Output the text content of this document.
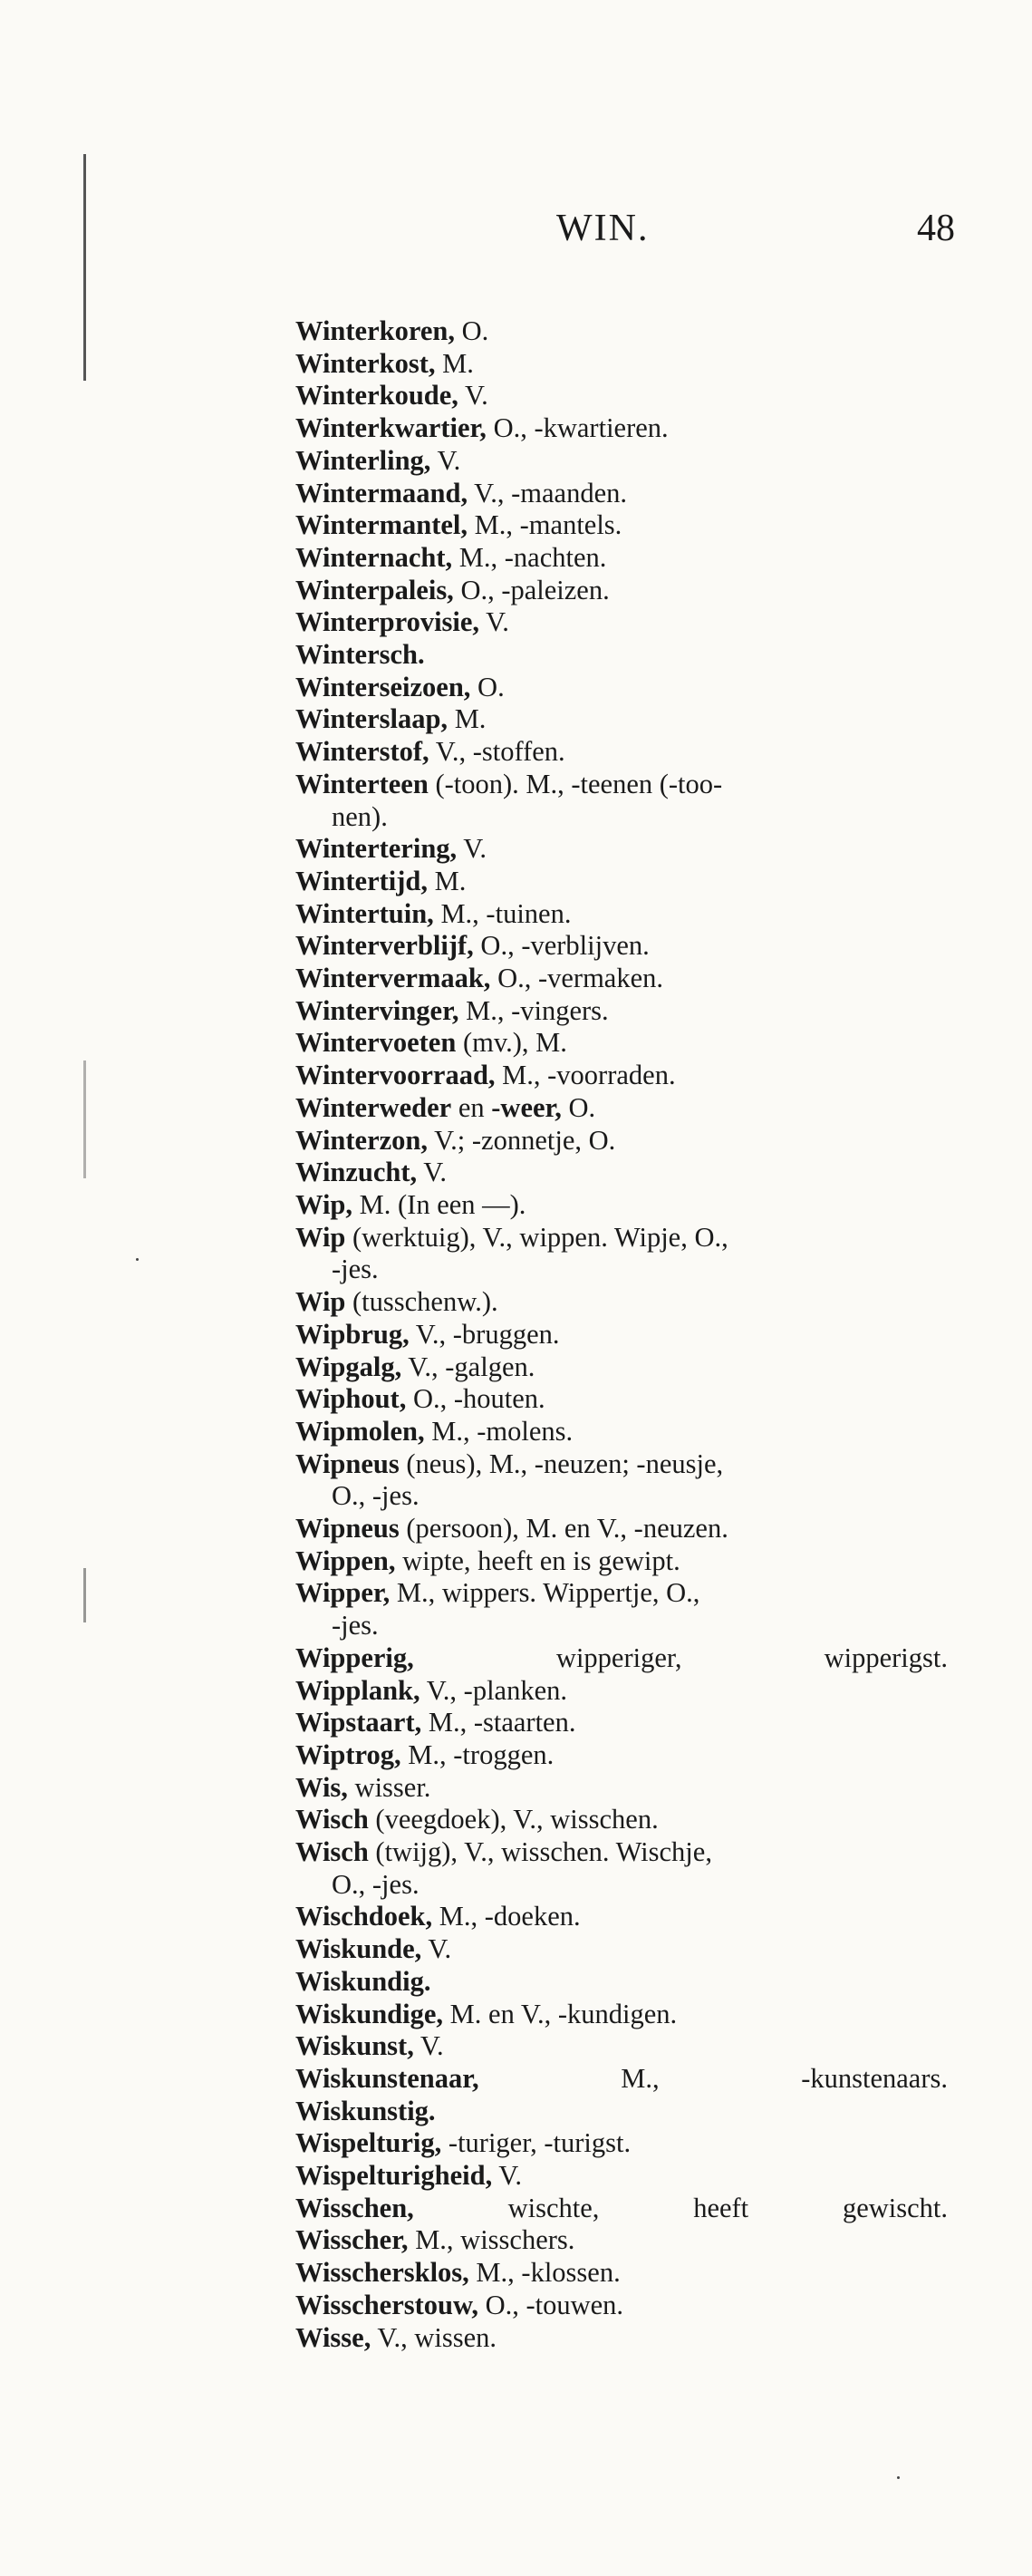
WIN.	48
Winterkoren, O.
Winterkost, M.
Winterkoude, V.
Winterkwartier, O., -kwartieren.
Winterling, V.
Wintermaand, V., -maanden.
Wintermantel, M., -mantels.
Winternacht, M., -nachten.
Winterpaleis, O., -paleizen.
Winterprovisie, V.
Wintersch.
Winterseizoen, O.
Winterslaap, M.
Winterstof, V., -stoffen.
Winterteen (-toon). M., -teenen (-too-
nen).
Wintertering, V.
Wintertijd, M.
Wintertuin, M., -tuinen.
Winterverblijf, O., -verblijven.
Wintervermaak, O., -vermaken.
Wintervinger, M., -vingers.
Wintervoeten (mv.), M.
Wintervoorraad, M., -voorraden.
Winterweder en -weer, O.
Winterzon, V.; -zonnetje, O.
Winzucht, V.
Wip, M. (In een —).
Wip (werktuig), V., wippen. Wipje, O.,
-jes.
Wip (tusschenw.).
Wipbrug, V., -bruggen.
Wipgalg, V., -galgen.
Wiphout, O., -houten.
Wipmolen, M., -molens.
Wipneus (neus), M., -neuzen; -neusje,
O., -jes.
Wipneus (persoon), M. en V., -neuzen.
Wippen, wipte, heeft en is gewipt.
Wipper, M., wippers. Wippertje, O.,
-jes.
Wipperig,	wipperiger,	wipperigst.
Wipplank, V., -planken.
Wipstaart, M., -staarten.
Wiptrog, M., -troggen.
Wis, wisser.
Wisch (veegdoek), V., wisschen.
Wisch (twijg), V., wisschen. Wischje,
O., -jes.
Wischdoek, M., -doeken.
Wiskunde, V.
Wiskundig.
Wiskundige, M. en V., -kundigen.
Wiskunst, V.
Wiskunstenaar,	M.,	-kunstenaars.
Wiskunstig.
Wispelturig, -turiger, -turigst.
Wispelturigheid, V.
Wisschen,	wischte,	heeft	gewischt.
Wisscher, M., wisschers.
Wisschersklos, M., -klossen.
Wisscherstouw, O., -touwen.
Wisse, V., wissen.
